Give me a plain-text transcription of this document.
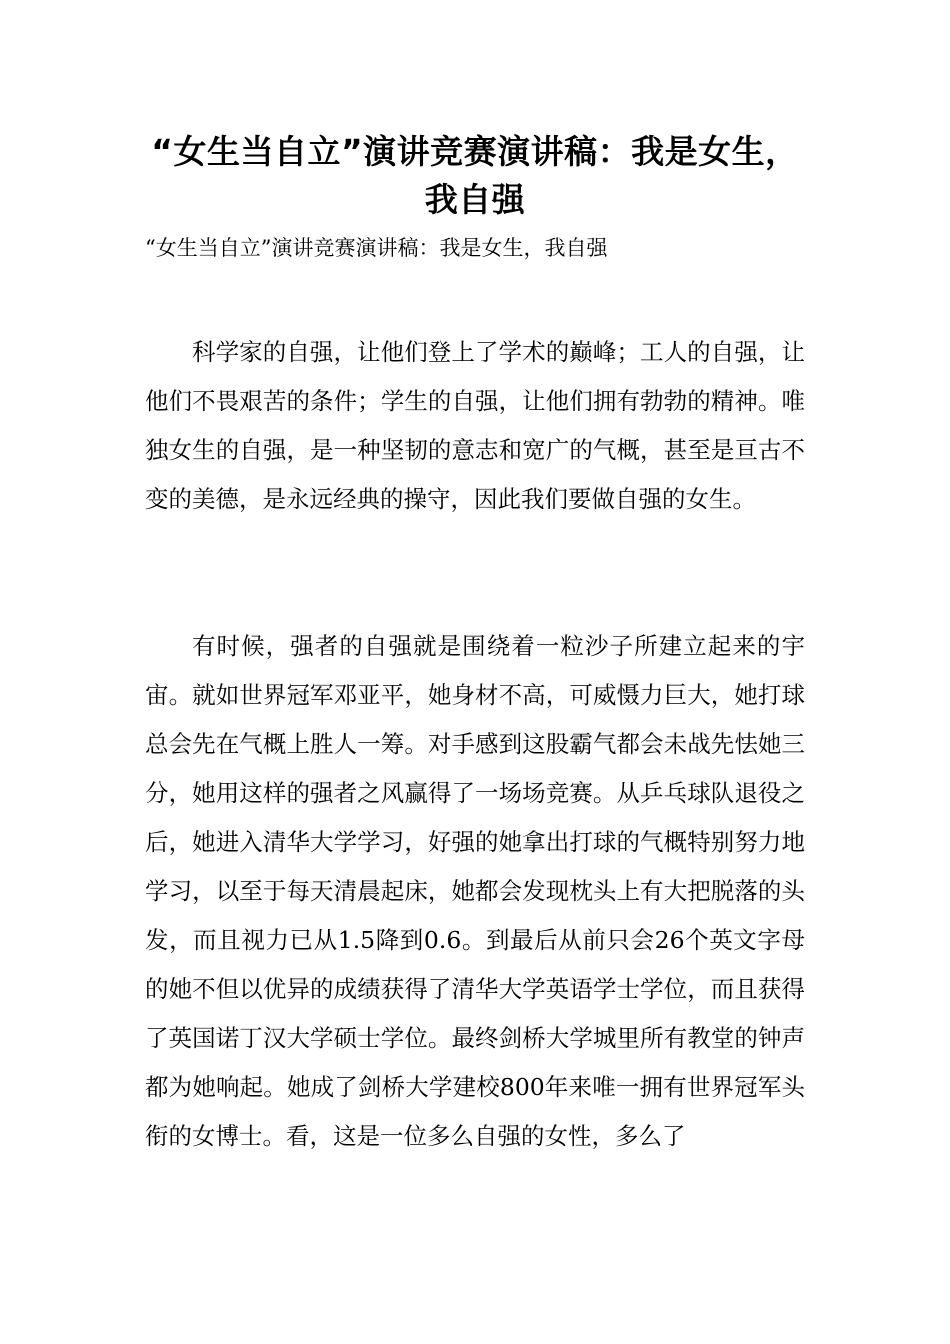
“女生当自立”演讲竞赛演讲稿：我是女生，我自强

“女生当自立”演讲竞赛演讲稿：我是女生，我自强

科学家的自强，让他们登上了学术的巅峰；工人的自强，让他们不畏艰苦的条件；学生的自强，让他们拥有勃勃的精神。唯独女生的自强，是一种坚韧的意志和宽广的气概，甚至是亘古不变的美德，是永远经典的操守，因此我们要做自强的女生。

有时候，强者的自强就是围绕着一粒沙子所建立起来的宇宙。就如世界冠军邓亚平，她身材不高，可威慑力巨大，她打球总会先在气概上胜人一筹。对手感到这股霸气都会未战先怯她三分，她用这样的强者之风赢得了一场场竞赛。从乒乓球队退役之后，她进入清华大学学习，好强的她拿出打球的气概特别努力地学习，以至于每天清晨起床，她都会发现枕头上有大把脱落的头发，而且视力已从1.5降到0.6。到最后从前只会26个英文字母的她不但以优异的成绩获得了清华大学英语学士学位，而且获得了英国诺丁汉大学硕士学位。最终剑桥大学城里所有教堂的钟声都为她响起。她成了剑桥大学建校800年来唯一拥有世界冠军头衔的女博士。看，这是一位多么自强的女性，多么了
